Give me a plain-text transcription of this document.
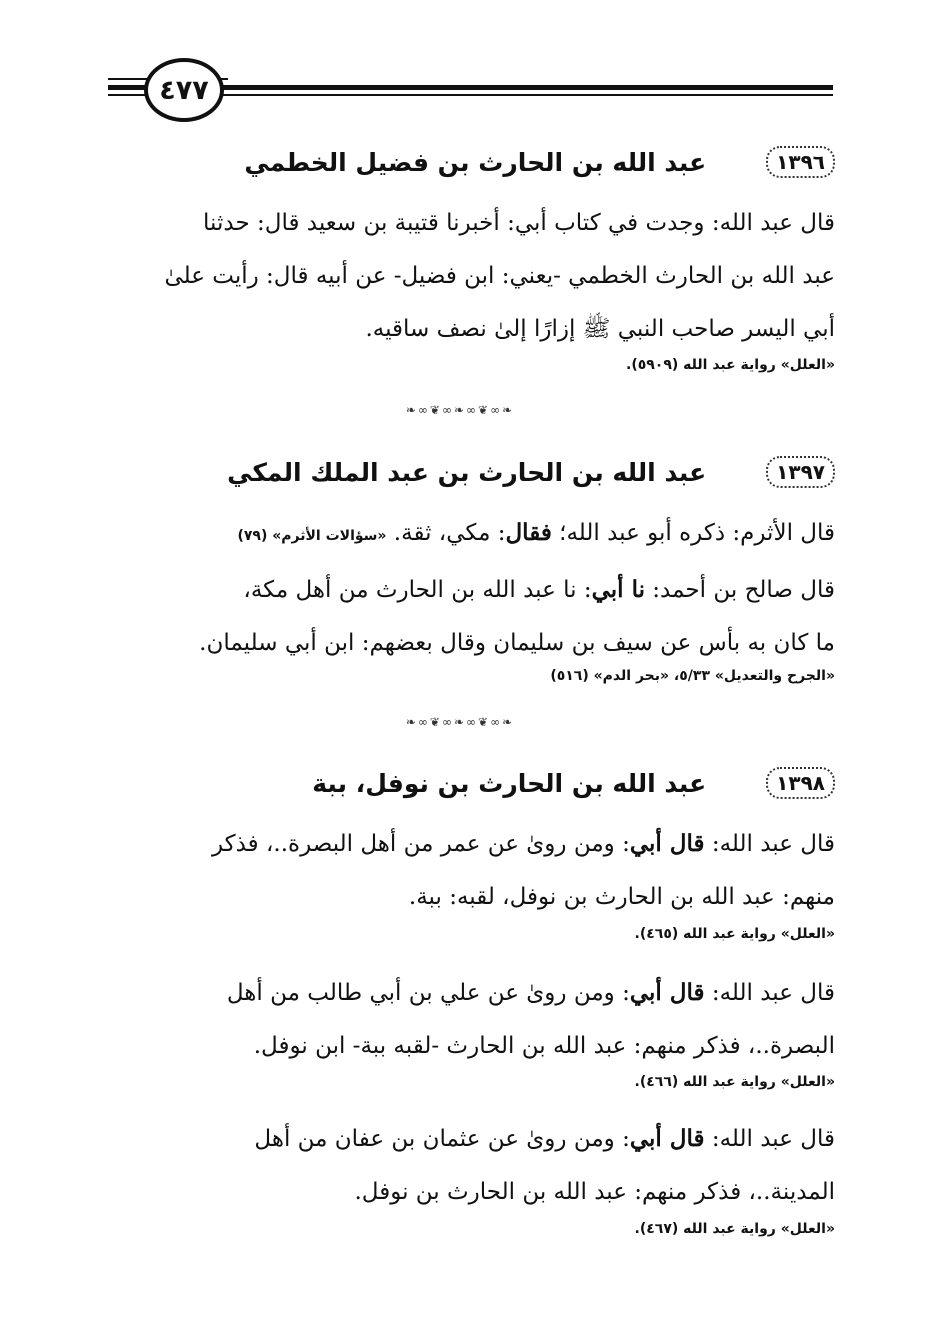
٤٧٧
١٣٩٦
عبد الله بن الحارث بن فضيل الخطمي
قال عبد الله: وجدت في كتاب أبي: أخبرنا قتيبة بن سعيد قال: حدثنا
عبد الله بن الحارث الخطمي -يعني: ابن فضيل- عن أبيه قال: رأيت علىٰ
أبي اليسر صاحب النبي ﷺ إزارًا إلىٰ نصف ساقيه.
«العلل» رواية عبد الله (٥٩٠٩).
❧∞❦∞❧∞❦∞❧
١٣٩٧
عبد الله بن الحارث بن عبد الملك المكي
قال الأثرم: ذكره أبو عبد الله؛ فقال: مكي، ثقة. «سؤالات الأثرم» (٧٩)
قال صالح بن أحمد: نا أبي: نا عبد الله بن الحارث من أهل مكة،
ما كان به بأس عن سيف بن سليمان وقال بعضهم: ابن أبي سليمان.
«الجرح والتعديل» ٥/٣٣، «بحر الدم» (٥١٦)
❧∞❦∞❧∞❦∞❧
١٣٩٨
عبد الله بن الحارث بن نوفل، ببة
قال عبد الله: قال أبي: ومن روىٰ عن عمر من أهل البصرة..، فذكر
منهم: عبد الله بن الحارث بن نوفل، لقبه: ببة.
«العلل» رواية عبد الله (٤٦٥).
قال عبد الله: قال أبي: ومن روىٰ عن علي بن أبي طالب من أهل
البصرة..، فذكر منهم: عبد الله بن الحارث -لقبه ببة- ابن نوفل.
«العلل» رواية عبد الله (٤٦٦).
قال عبد الله: قال أبي: ومن روىٰ عن عثمان بن عفان من أهل
المدينة..، فذكر منهم: عبد الله بن الحارث بن نوفل.
«العلل» رواية عبد الله (٤٦٧).
